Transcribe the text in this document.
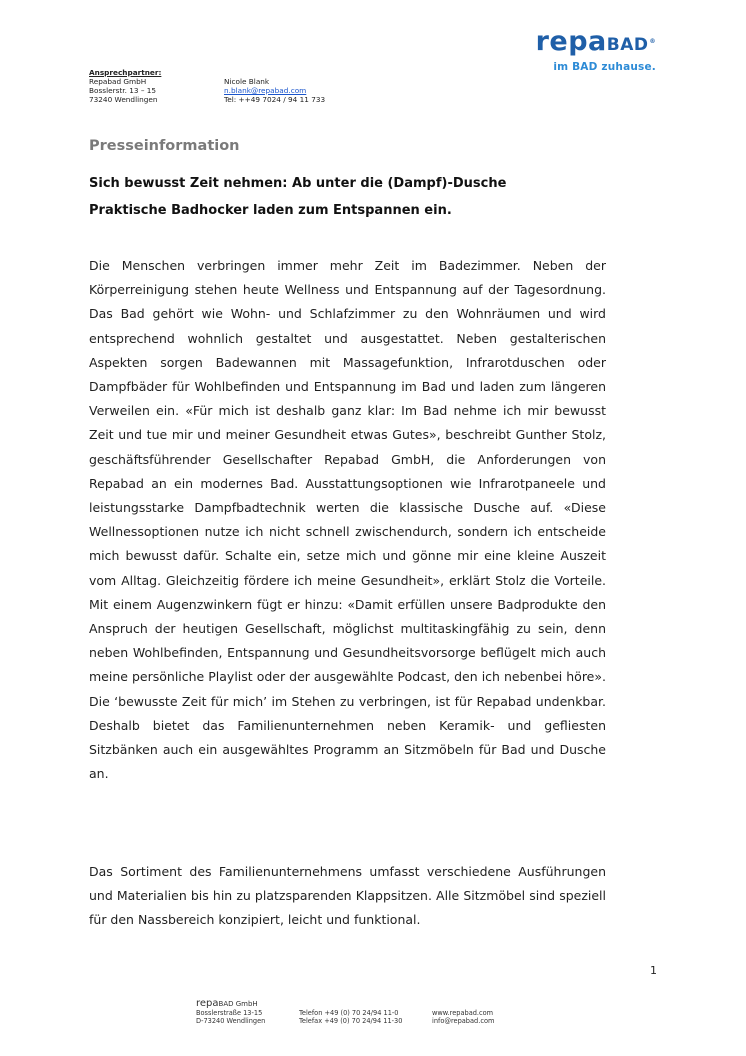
repaBAD®
im BAD zuhause.
Ansprechpartner:
Repabad GmbH
Bosslerstr. 13 – 15
73240 Wendlingen
Nicole Blank
n.blank@repabad.com
Tel: ++49 7024 / 94 11 733
Presseinformation
Sich bewusst Zeit nehmen: Ab unter die (Dampf)-Dusche
Praktische Badhocker laden zum Entspannen ein.
Die Menschen verbringen immer mehr Zeit im Badezimmer. Neben der Körperreinigung stehen heute Wellness und Entspannung auf der Tagesordnung. Das Bad gehört wie Wohn- und Schlafzimmer zu den Wohnräumen und wird entsprechend wohnlich gestaltet und ausgestattet. Neben gestalterischen Aspekten sorgen Badewannen mit Massagefunktion, Infrarotduschen oder Dampfbäder für Wohlbefinden und Entspannung im Bad und laden zum längeren Verweilen ein. «Für mich ist deshalb ganz klar: Im Bad nehme ich mir bewusst Zeit und tue mir und meiner Gesundheit etwas Gutes», beschreibt Gunther Stolz, geschäftsführender Gesellschafter Repabad GmbH, die Anforderungen von Repabad an ein modernes Bad. Ausstattungsoptionen wie Infrarotpaneele und leistungsstarke Dampfbadtechnik werten die klassische Dusche auf. «Diese Wellnessoptionen nutze ich nicht schnell zwischendurch, sondern ich entscheide mich bewusst dafür. Schalte ein, setze mich und gönne mir eine kleine Auszeit vom Alltag. Gleichzeitig fördere ich meine Gesundheit», erklärt Stolz die Vorteile. Mit einem Augenzwinkern fügt er hinzu: «Damit erfüllen unsere Badprodukte den Anspruch der heutigen Gesellschaft, möglichst multitaskingfähig zu sein, denn neben Wohlbefinden, Entspannung und Gesundheitsvorsorge beflügelt mich auch meine persönliche Playlist oder der ausgewählte Podcast, den ich nebenbei höre». Die ‘bewusste Zeit für mich’ im Stehen zu verbringen, ist für Repabad undenkbar. Deshalb bietet das Familienunternehmen neben Keramik- und gefliesten Sitzbänken auch ein ausgewähltes Programm an Sitzmöbeln für Bad und Dusche an.
Das Sortiment des Familienunternehmens umfasst verschiedene Ausführungen und Materialien bis hin zu platzsparenden Klappsitzen. Alle Sitzmöbel sind speziell für den Nassbereich konzipiert, leicht und funktional.
1
repaBAD GmbH
Bosslerstraße 13-15
D-73240 Wendlingen
Telefon +49 (0) 70 24/94 11-0
Telefax +49 (0) 70 24/94 11-30
www.repabad.com
info@repabad.com
